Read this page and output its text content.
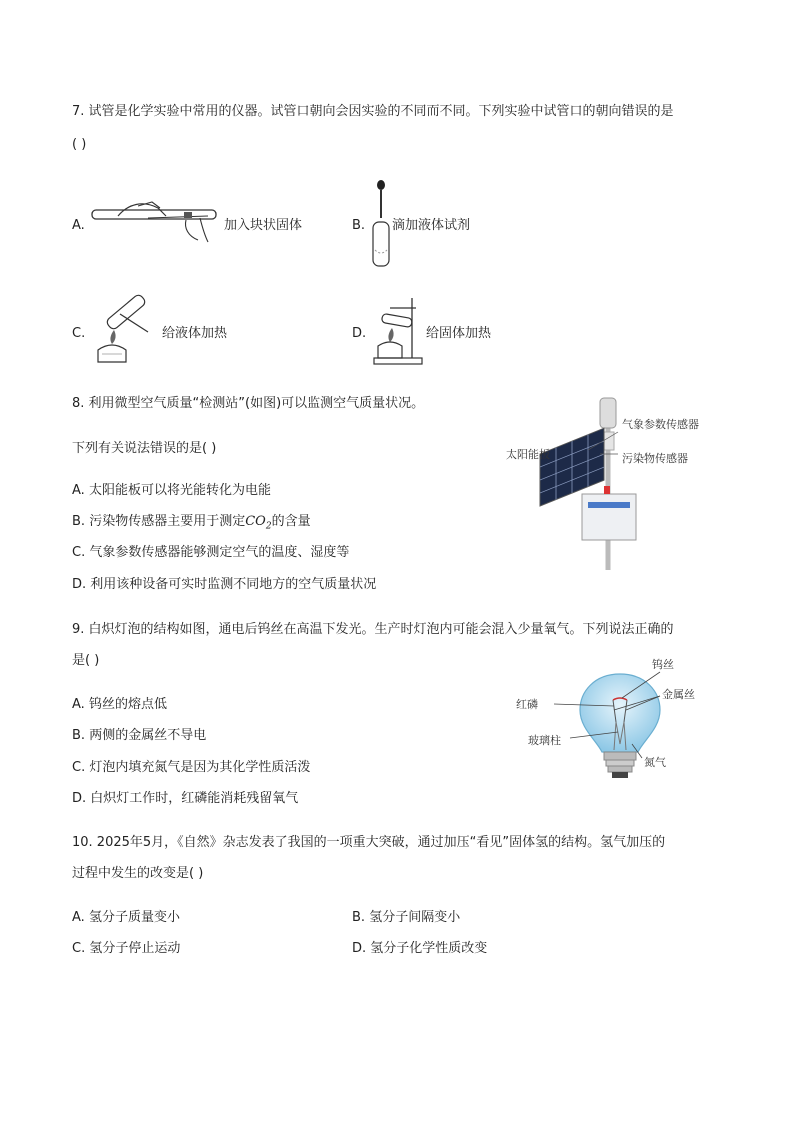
7. 试管是化学实验中常用的仪器。试管口朝向会因实验的不同而不同。下列实验中试管口的朝向错误的是
( )
A.	加入块状固体	B. 滴加液体试剂
C.	给液体加热	D.	给固体加热
8. 利用微型空气质量“检测站”(如图)可以监测空气质量状况。
下列有关说法错误的是( )
A. 太阳能板可以将光能转化为电能
B. 污染物传感器主要用于测定$CO_2$的含量
C. 气象参数传感器能够测定空气的温度、湿度等
D. 利用该种设备可实时监测不同地方的空气质量状况
太阳能板
气象参数传感器
污染物传感器
9. 白炽灯泡的结构如图，通电后钨丝在高温下发光。生产时灯泡内可能会混入少量氧气。下列说法正确的
是( )
A. 钨丝的熔点低
B. 两侧的金属丝不导电
C. 灯泡内填充氮气是因为其化学性质活泼
D. 白炽灯工作时，红磷能消耗残留氧气
钨丝
金属丝
红磷
玻璃柱
氮气
10. 2025年5月，《自然》杂志发表了我国的一项重大突破，通过加压“看见”固体氢的结构。氢气加压的
过程中发生的改变是( )
A. 氢分子质量变小	B. 氢分子间隔变小
C. 氢分子停止运动	D. 氢分子化学性质改变
